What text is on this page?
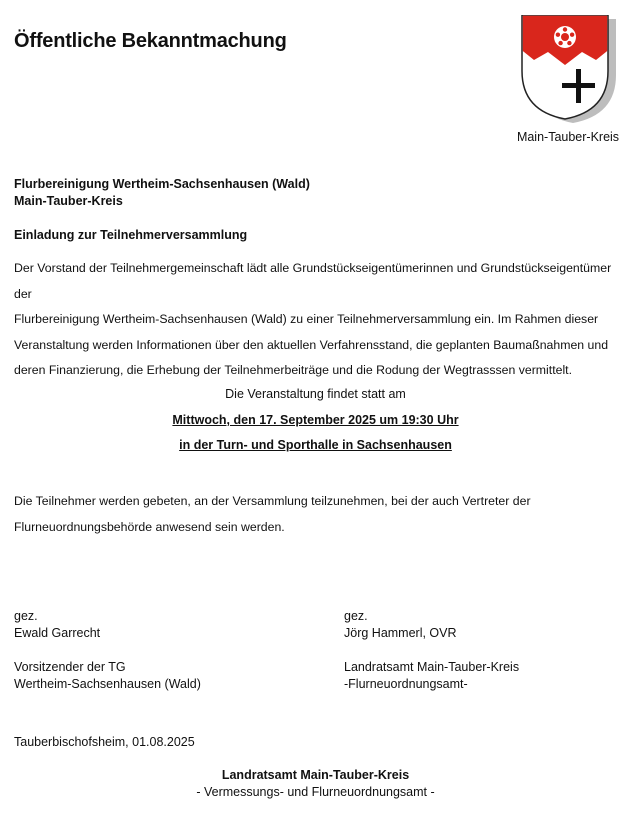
Öffentliche Bekanntmachung
Main-Tauber-Kreis
Flurbereinigung Wertheim-Sachsenhausen (Wald)
Main-Tauber-Kreis
Einladung zur Teilnehmerversammlung
Der Vorstand der Teilnehmergemeinschaft lädt alle Grundstückseigentümerinnen und Grundstückseigentümer der
Flurbereinigung Wertheim-Sachsenhausen (Wald) zu einer Teilnehmerversammlung ein. Im Rahmen dieser
Veranstaltung werden Informationen über den aktuellen Verfahrensstand, die geplanten Baumaßnahmen und
deren Finanzierung, die Erhebung der Teilnehmerbeiträge und die Rodung der Wegtrasssen vermittelt.
Die Veranstaltung findet statt am
Mittwoch, den 17. September 2025 um 19:30 Uhr
in der Turn- und Sporthalle in Sachsenhausen
Die Teilnehmer werden gebeten, an der Versammlung teilzunehmen, bei der auch Vertreter der
Flurneuordnungsbehörde anwesend sein werden.
gez.
Ewald Garrecht
Vorsitzender der TG
Wertheim-Sachsenhausen (Wald)
gez.
Jörg Hammerl, OVR
Landratsamt Main-Tauber-Kreis
-Flurneuordnungsamt-
Tauberbischofsheim, 01.08.2025
Landratsamt Main-Tauber-Kreis
- Vermessungs- und Flurneuordnungsamt -
